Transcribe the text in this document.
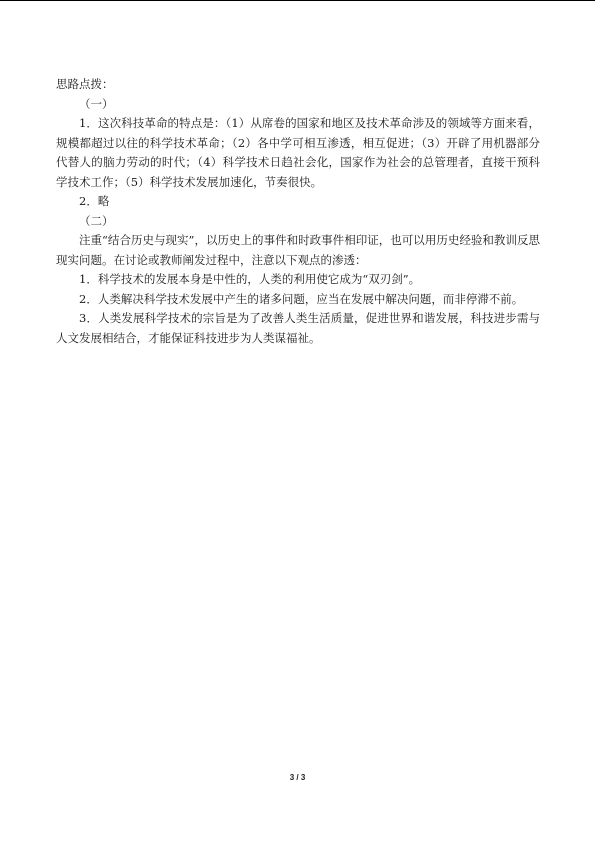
思路点拨：

（一）

1．这次科技革命的特点是：（1）从席卷的国家和地区及技术革命涉及的领域等方面来看，规模都超过以往的科学技术革命；（2）各中学可相互渗透，相互促进；（3）开辟了用机器部分代替人的脑力劳动的时代；（4）科学技术日趋社会化，国家作为社会的总管理者，直接干预科学技术工作；（5）科学技术发展加速化，节奏很快。

2．略

（二）

注重“结合历史与现实”，以历史上的事件和时政事件相印证，也可以用历史经验和教训反思现实问题。在讨论或教师阐发过程中，注意以下观点的渗透：

1．科学技术的发展本身是中性的，人类的利用使它成为“双刃剑”。

2．人类解决科学技术发展中产生的诸多问题，应当在发展中解决问题，而非停滞不前。

3．人类发展科学技术的宗旨是为了改善人类生活质量，促进世界和谐发展，科技进步需与人文发展相结合，才能保证科技进步为人类谋福祉。

3 / 3
